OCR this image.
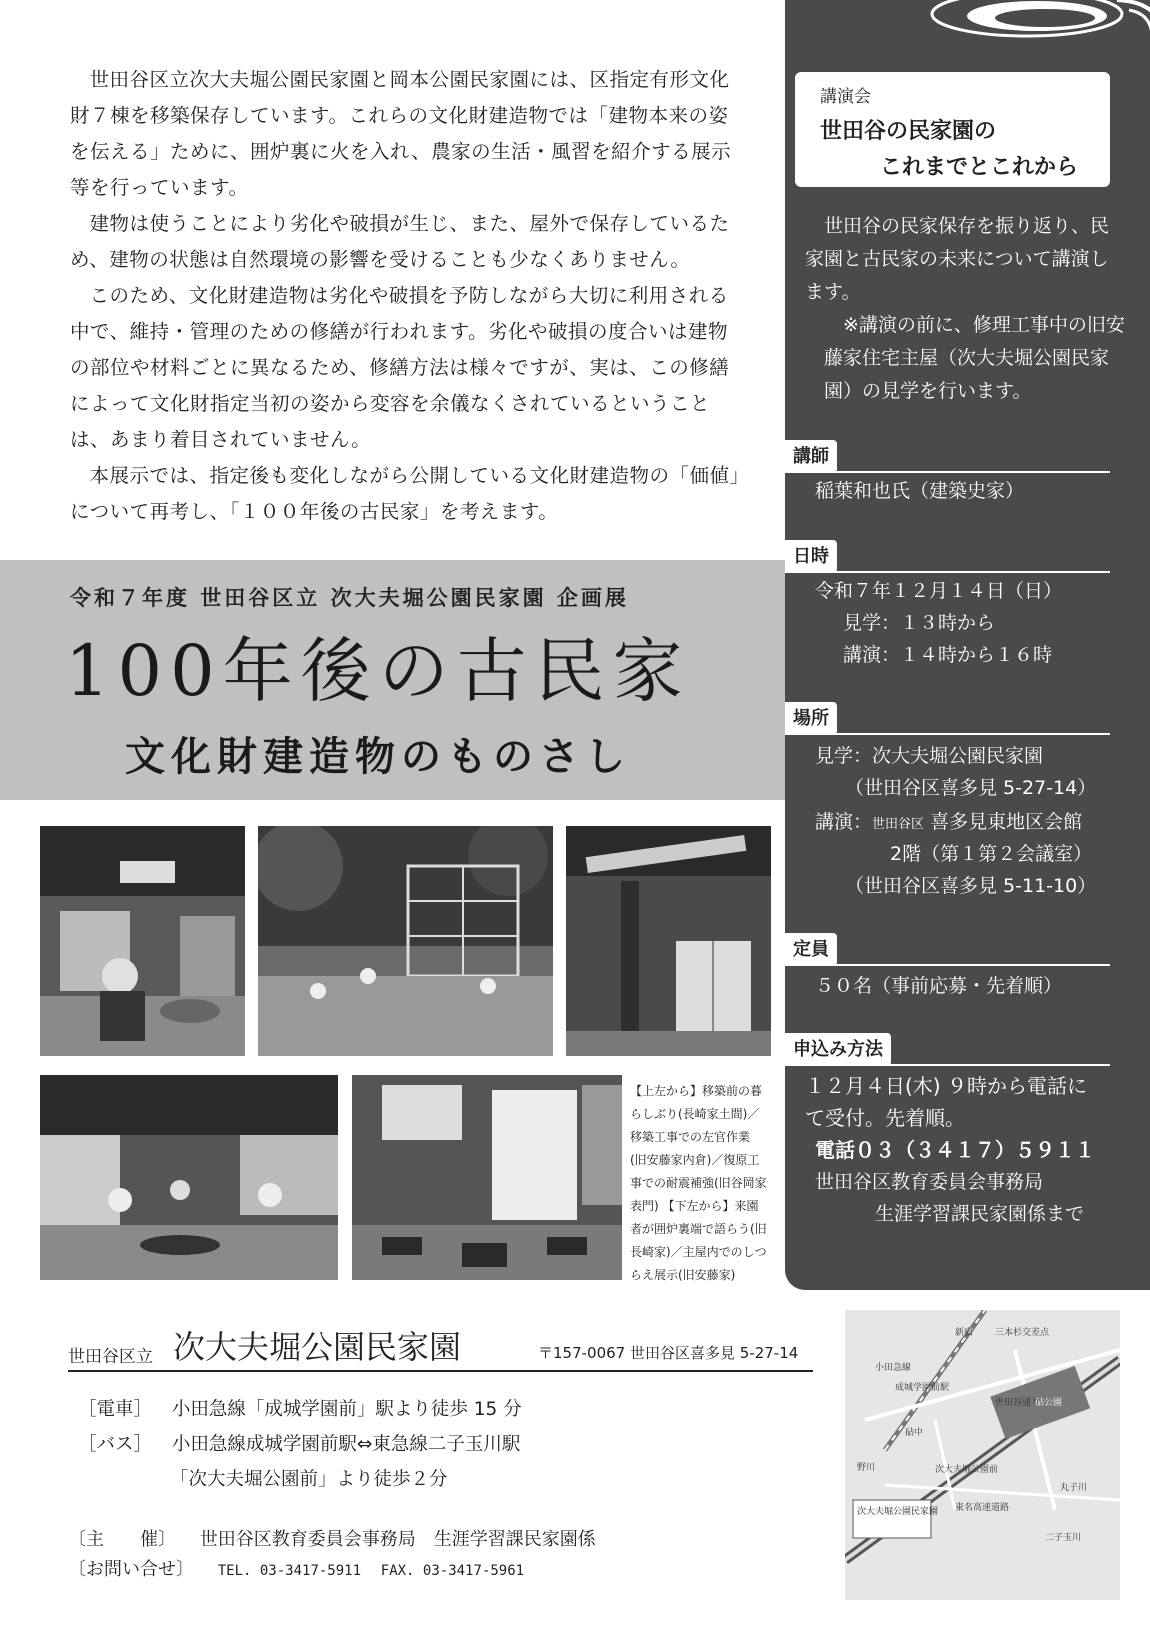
世田谷区立次大夫堀公園民家園と岡本公園民家園には、区指定有形文化財７棟を移築保存しています。これらの文化財建造物では「建物本来の姿を伝える」ために、囲炉裏に火を入れ、農家の生活・風習を紹介する展示等を行っています。

建物は使うことにより劣化や破損が生じ、また、屋外で保存しているため、建物の状態は自然環境の影響を受けることも少なくありません。

このため、文化財建造物は劣化や破損を予防しながら大切に利用される中で、維持・管理のための修繕が行われます。劣化や破損の度合いは建物の部位や材料ごとに異なるため、修繕方法は様々ですが、実は、この修繕によって文化財指定当初の姿から変容を余儀なくされているということは、あまり着目されていません。

本展示では、指定後も変化しながら公開している文化財建造物の「価値」について再考し、「１００年後の古民家」を考えます。

講演会
世田谷の民家園の
これまでとこれから

世田谷の民家保存を振り返り、民家園と古民家の未来について講演します。

※講演の前に、修理工事中の旧安藤家住宅主屋（次大夫堀公園民家園）の見学を行います。

講師
稲葉和也氏（建築史家）
日時
令和７年１２月１４日（日）
見学：１３時から
講演：１４時から１６時
場所
見学：次大夫堀公園民家園
（世田谷区喜多見 5-27-14）
講演：世田谷区 喜多見東地区会館
2階（第１第２会議室）
（世田谷区喜多見 5-11-10）
定員
５０名（事前応募・先着順）
申込み方法
１２月４日(木) ９時から電話に
て受付。先着順。
電話０３（３４１７）５９１１
世田谷区教育委員会事務局
生涯学習課民家園係まで
令和７年度 世田谷区立 次大夫堀公園民家園 企画展
100年後の古民家
文化財建造物のものさし
【上左から】移築前の暮らしぶり(長崎家土間)／移築工事での左官作業 (旧安藤家内倉)／復原工事での耐震補強(旧谷岡家表門) 【下左から】来園者が囲炉裏端で語らう(旧長崎家)／主屋内でのしつらえ展示(旧安藤家)
世田谷区立 次大夫堀公園民家園	〒157-0067 世田谷区喜多見 5-27-14
［電車］ 小田急線「成城学園前」駅より徒歩 15 分
［バス］ 小田急線成城学園前駅⇔東急線二子玉川駅
「次大夫堀公園前」より徒歩２分
〔主　　催〕 世田谷区教育委員会事務局　生涯学習課民家園係
〔お問い合せ〕 TEL. 03-3417-5911 FAX. 03-3417-5961
小田急線
成城学園前駅
新宿 三本杉交差点
世田谷通り
砧公園
砧中
野川	次大夫堀公園前
東名高速道路
丸子川
次大夫堀公園民家園
二子玉川
